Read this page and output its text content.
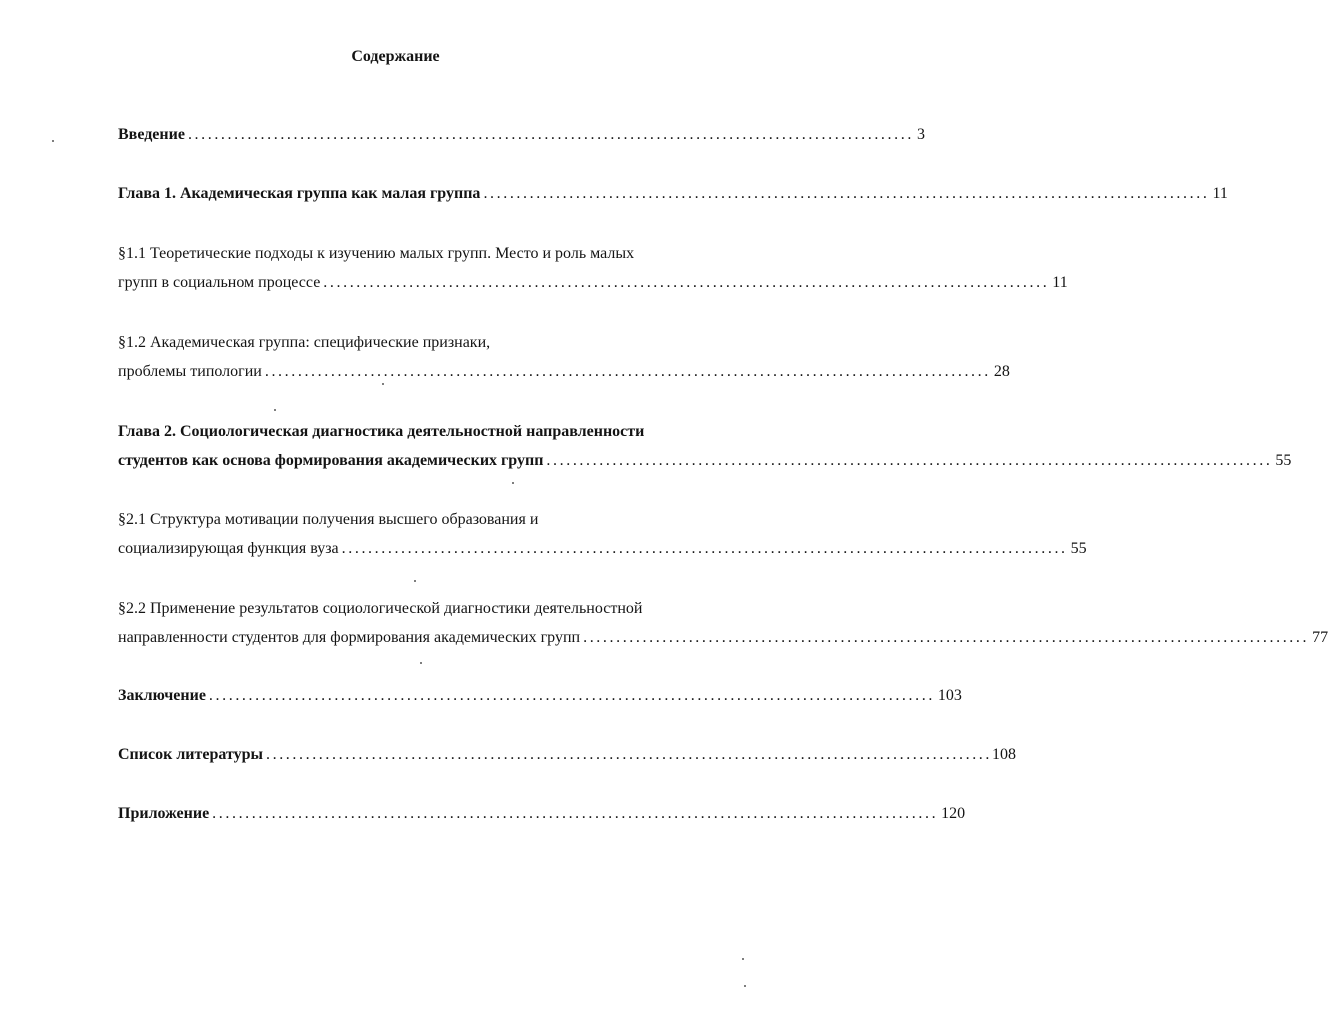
Содержание
Введение .............................................................................................................. 3
Глава 1. Академическая группа как малая группа .............................................................................................................. 11
§1.1 Теоретические подходы к изучению малых групп. Место и роль малых
групп в социальном процессе .............................................................................................................. 11
§1.2 Академическая группа: специфические признаки,
проблемы типологии .............................................................................................................. 28
Глава 2. Социологическая диагностика деятельностной направленности
студентов как основа формирования академических групп .............................................................................................................. 55
§2.1 Структура мотивации получения высшего образования и
социализирующая функция вуза .............................................................................................................. 55
§2.2 Применение результатов социологической диагностики деятельностной
направленности студентов для формирования академических групп .............................................................................................................. 77
Заключение .............................................................................................................. 103
Список литературы .............................................................................................................. 108
Приложение .............................................................................................................. 120
